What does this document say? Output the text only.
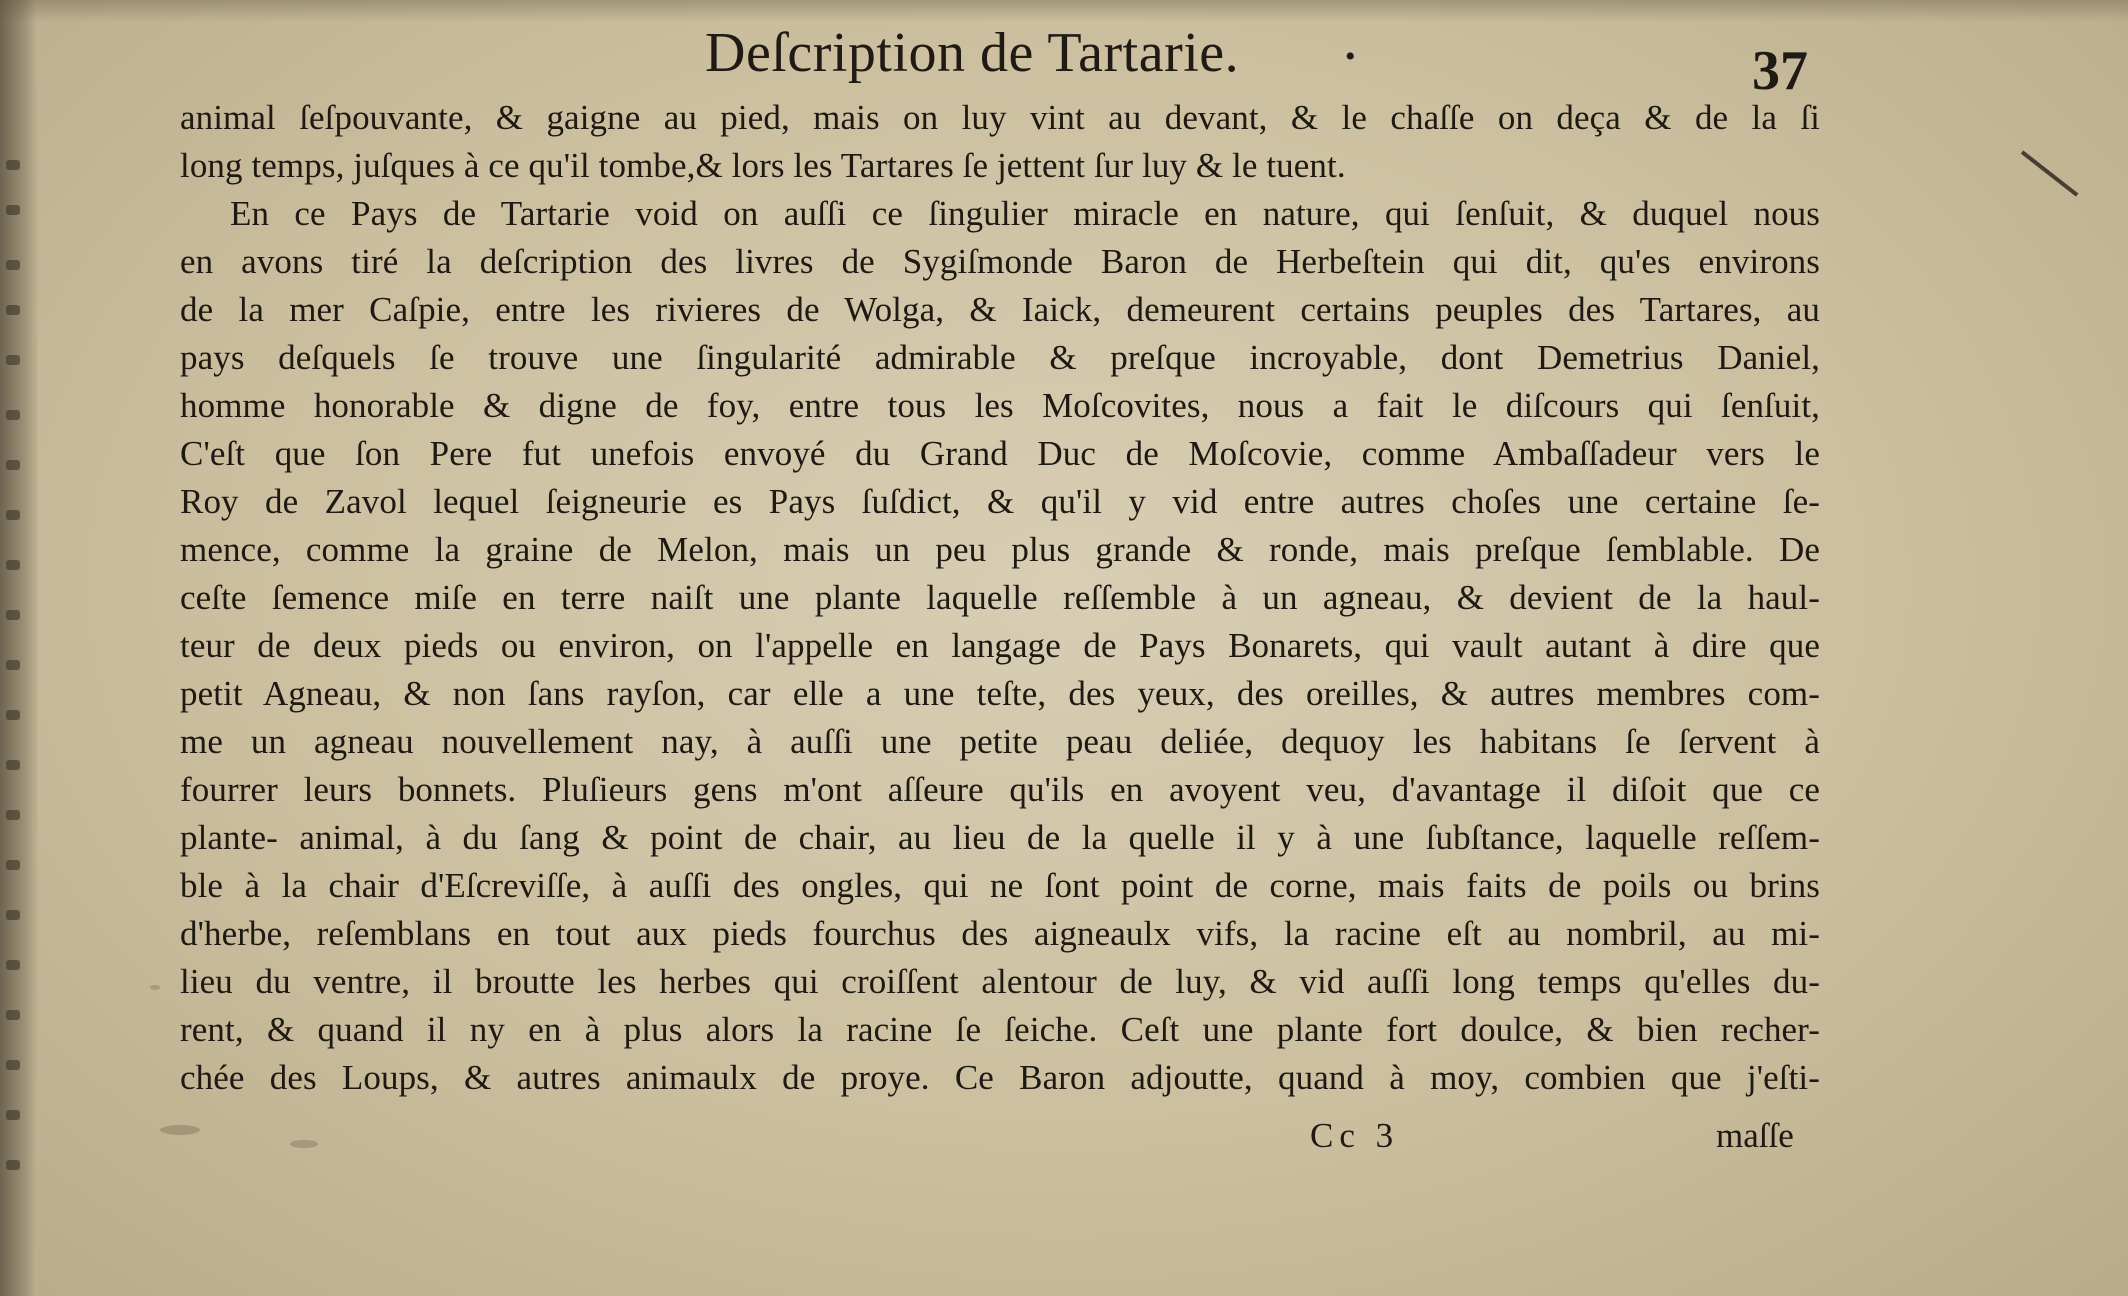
Deſcription de Tartarie.	•	37
animal ſeſpouvante, & gaigne au pied, mais on luy vint au devant, & le chaſſe on deça & de la ſi
long temps, juſques à ce qu'il tombe,& lors les Tartares ſe jettent ſur luy & le tuent.
En ce Pays de Tartarie void on auſſi ce ſingulier miracle en nature, qui ſenſuit, & duquel nous
en avons tiré la deſcription des livres de Sygiſmonde Baron de Herbeſtein qui dit, qu'es environs
de la mer Caſpie, entre les rivieres de Wolga, & Iaick, demeurent certains peuples des Tartares, au
pays deſquels ſe trouve une ſingularité admirable & preſque incroyable, dont Demetrius Daniel,
homme honorable & digne de foy, entre tous les Moſcovites, nous a fait le diſcours qui ſenſuit,
C'eſt que ſon Pere fut unefois envoyé du Grand Duc de Moſcovie, comme Ambaſſadeur vers le
Roy de Zavol lequel ſeigneurie es Pays ſuſdict, & qu'il y vid entre autres choſes une certaine ſe-
mence, comme la graine de Melon, mais un peu plus grande & ronde, mais preſque ſemblable. De
ceſte ſemence miſe en terre naiſt une plante laquelle reſſemble à un agneau, & devient de la haul-
teur de deux pieds ou environ, on l'appelle en langage de Pays Bonarets, qui vault autant à dire que
petit Agneau, & non ſans rayſon, car elle a une teſte, des yeux, des oreilles, & autres membres com-
me un agneau nouvellement nay, à auſſi une petite peau deliée, dequoy les habitans ſe ſervent à
fourrer leurs bonnets. Pluſieurs gens m'ont aſſeure qu'ils en avoyent veu, d'avantage il diſoit que ce
plante- animal, à du ſang & point de chair, au lieu de la quelle il y à une ſubſtance, laquelle reſſem-
ble à la chair d'Eſcreviſſe, à auſſi des ongles, qui ne ſont point de corne, mais faits de poils ou brins
d'herbe, reſemblans en tout aux pieds fourchus des aigneaulx vifs, la racine eſt au nombril, au mi-
lieu du ventre, il broutte les herbes qui croiſſent alentour de luy, & vid auſſi long temps qu'elles du-
rent, & quand il ny en à plus alors la racine ſe ſeiche. Ceſt une plante fort doulce, & bien recher-
chée des Loups, & autres animaulx de proye. Ce Baron adjoutte, quand à moy, combien que j'eſti-
Cc 3	maſſe
